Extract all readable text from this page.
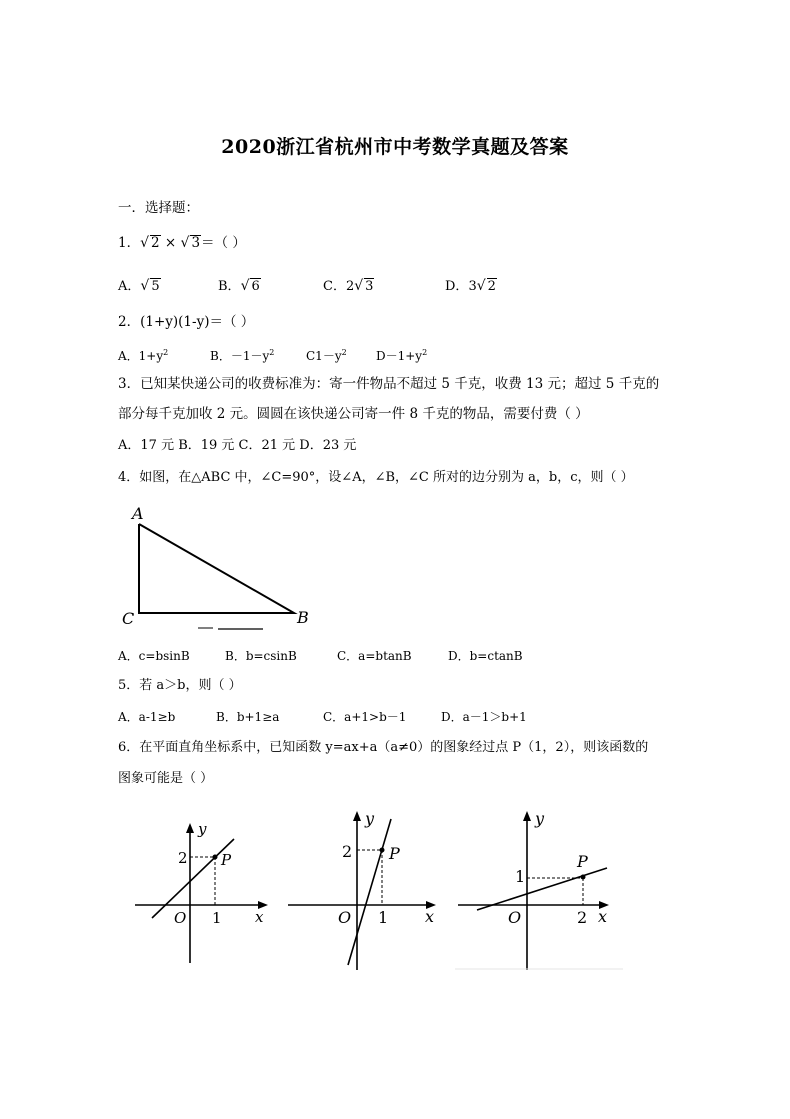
2020浙江省杭州市中考数学真题及答案
一．选择题：
1．√ 2 × √ 3＝（ ）
A．√ 5	B．√ 6	C．2√ 3	D．3√ 2
2．(1+y)(1-y)＝（ ）
A．$1+y^2$	B．$-1-y^2$	$C1-y^2$ $D-1+y^2$
3．已知某快递公司的收费标准为：寄一件物品不超过 5 千克，收费 13 元；超过 5 千克的
部分每千克加收 2 元。圆圆在该快递公司寄一件 8 千克的物品，需要付费（ ）
A．17 元 B．19 元 C．21 元 D．23 元
4．如图，在△ABC 中，∠C=90°，设∠A，∠B，∠C 所对的边分别为 a，b，c，则（ ）
A
B
C
A．c=bsinB	B．b=csinB	C．a=btanB	D．b=ctanB
5．若 a＞b，则（ ）
A．a-1≥b	B．b+1≥a	C．a+1>b－1	D．a－1＞b+1
6．在平面直角坐标系中，已知函数 y=ax+a（a≠0）的图象经过点 P（1，2），则该函数的
图象可能是（ ）
y
x
O
P
2
1
y
x
O
P
2
1
y
x
O
P
1
2
